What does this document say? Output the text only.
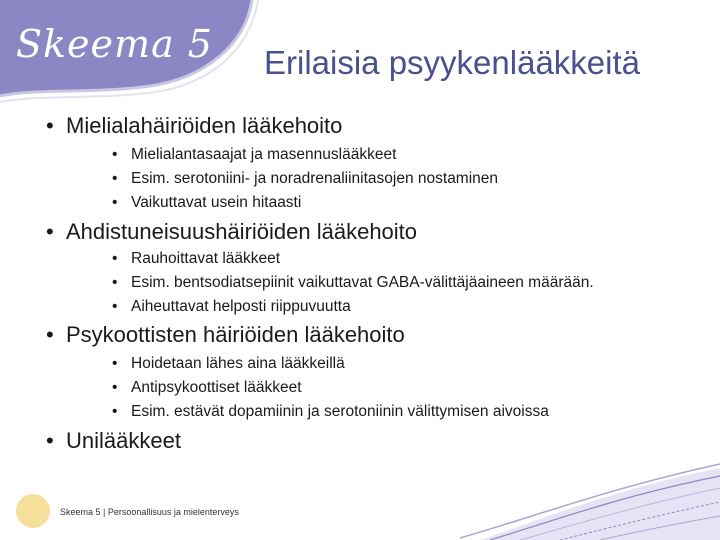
Skeema 5 Erilaisia psyykenlääkkeitä
• Mielialahäiriöiden lääkehoito
• Mielialantasaajat ja masennuslääkkeet
• Esim. serotoniini- ja noradrenaliinitasojen nostaminen
• Vaikuttavat usein hitaasti
• Ahdistuneisuushäiriöiden lääkehoito
• Rauhoittavat lääkkeet
• Esim. bentsodiatsepiinit vaikuttavat GABA-välittäjäaineen määrään.
• Aiheuttavat helposti riippuvuutta
• Psykoottisten häiriöiden lääkehoito
• Hoidetaan lähes aina lääkkeillä
• Antipsykoottiset lääkkeet
• Esim. estävät dopamiinin ja serotoniinin välittymisen aivoissa
• Unilääkkeet
Skeema 5 | Persoonallisuus ja mielenterveys
